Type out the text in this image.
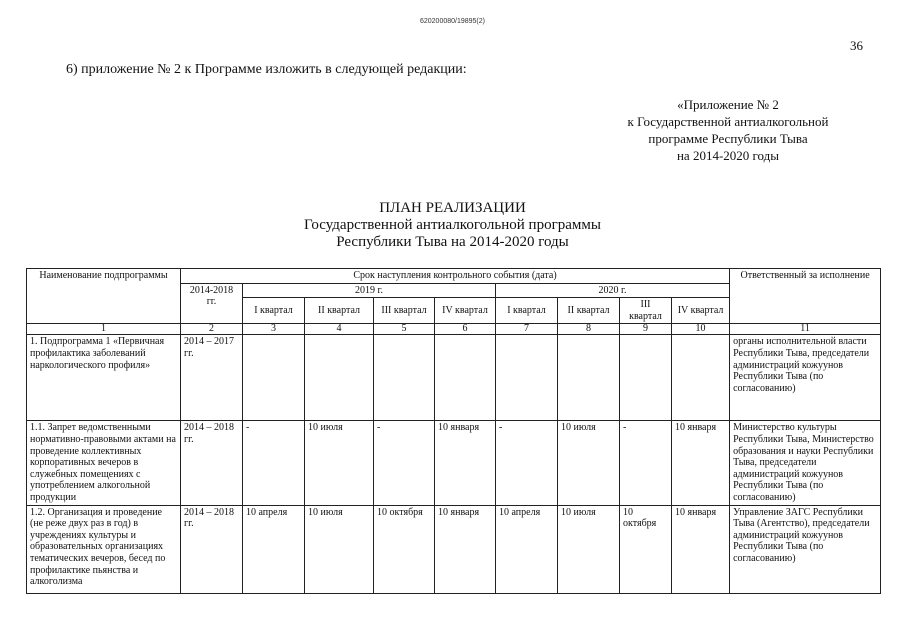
620200080/19895(2)
36
6) приложение № 2 к Программе изложить в следующей редакции:
«Приложение № 2
к Государственной антиалкогольной
программе Республики Тыва
на 2014-2020 годы
ПЛАН РЕАЛИЗАЦИИ
Государственной антиалкогольной программы
Республики Тыва на 2014-2020 годы
Наименование подпрограммы	Срок наступления контрольного события (дата)									Ответственный за исполнение
	2014-2018 гг.	2019 г.				2020 г.				
		I квартал	II квартал	III квартал	IV квартал	I квартал	II квартал	III квартал	IV квартал	
1	2	3	4	5	6	7	8	9	10	11
1. Подпрограмма 1 «Первичная профилактика заболеваний наркологического профиля»	2014 – 2017 гг.									органы исполнительной власти Республики Тыва, председатели администраций кожуунов Республики Тыва (по согласованию)
1.1. Запрет ведомственными нормативно-правовыми актами на проведение коллективных корпоративных вечеров в служебных помещениях с употреблением алкогольной продукции	2014 – 2018 гг.	-	10 июля	-	10 января	-	10 июля	-	10 января	Министерство культуры Республики Тыва, Министерство образования и науки Республики Тыва, председатели администраций кожуунов Республики Тыва (по согласованию)
1.2. Организация и проведение (не реже двух раз в год) в учреждениях культуры и образовательных организациях тематических вечеров, бесед по профилактике пьянства и алкоголизма	2014 – 2018 гг.	10 апреля	10 июля	10 октября	10 января	10 апреля	10 июля	10 октября	10 января	Управление ЗАГС Республики Тыва (Агентство), председатели администраций кожуунов Республики Тыва (по согласованию)
